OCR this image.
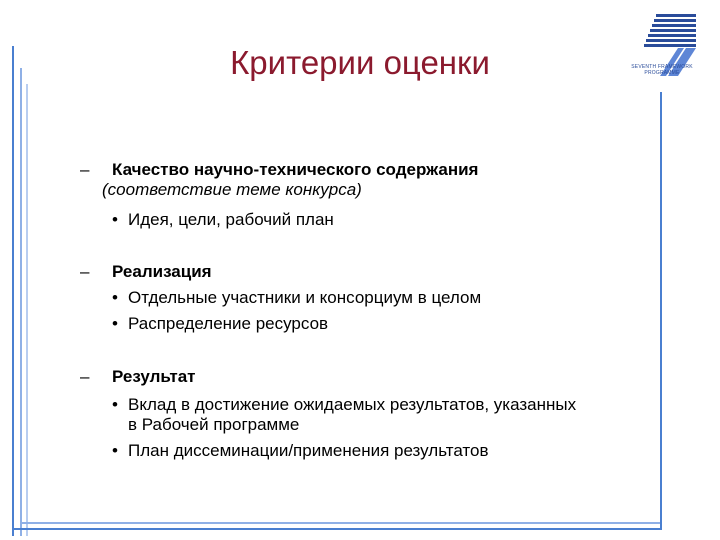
Критерии оценки	SEVENTH FRAMEWORK
PROGRAMME
–	Качество научно-технического содержания
(соответствие теме конкурса)
• Идея, цели, рабочий план
–	Реализация
• Отдельные участники и консорциум в целом
• Распределение ресурсов
–	Результат
• Вклад в достижение ожидаемых результатов, указанных
в Рабочей программе
• План диссеминации/применения результатов
